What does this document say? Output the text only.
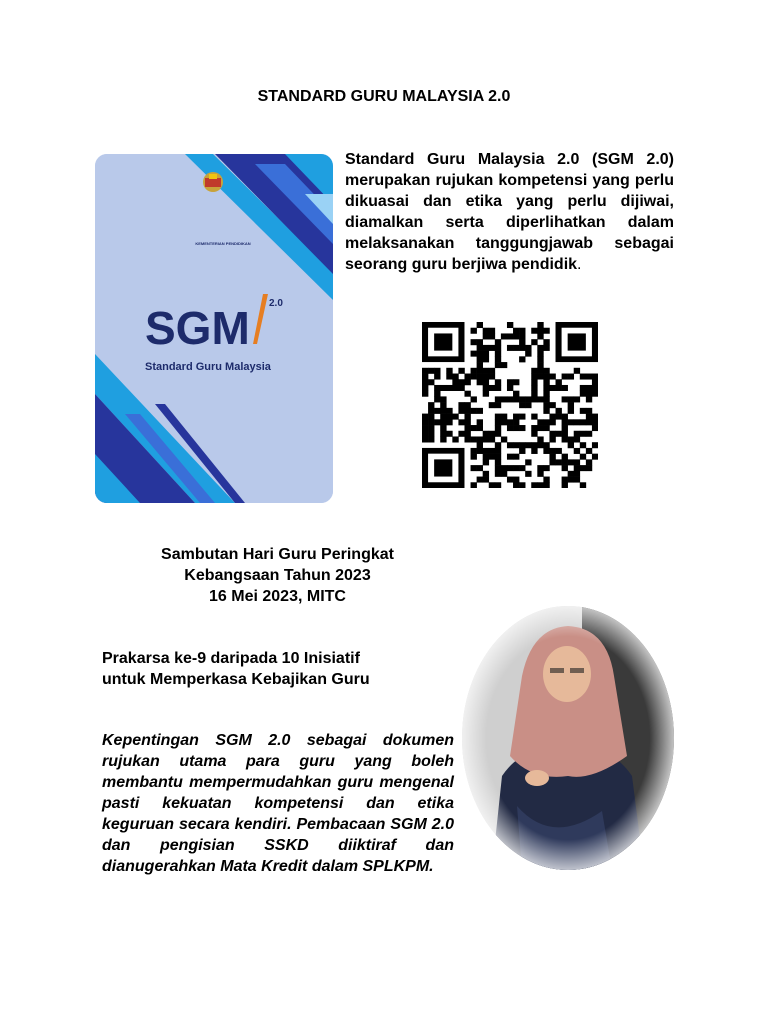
STANDARD GURU MALAYSIA 2.0
SGM 2.0
Standard Guru Malaysia
KEMENTERIAN PENDIDIKAN
Standard Guru Malaysia 2.0 (SGM 2.0) merupakan rujukan kompetensi yang perlu dikuasai dan etika yang perlu dijiwai, diamalkan serta diperlihatkan dalam melaksanakan tanggungjawab sebagai seorang guru berjiwa pendidik.
Sambutan Hari Guru Peringkat
Kebangsaan Tahun 2023
16 Mei 2023, MITC
Prakarsa ke-9 daripada 10 Inisiatif
untuk Memperkasa Kebajikan Guru
Kepentingan SGM 2.0 sebagai dokumen rujukan utama para guru yang boleh membantu mempermudahkan guru mengenal pasti kekuatan kompetensi dan etika keguruan secara kendiri. Pembacaan SGM 2.0 dan pengisian SSKD diiktiraf dan dianugerahkan Mata Kredit dalam SPLKPM.
